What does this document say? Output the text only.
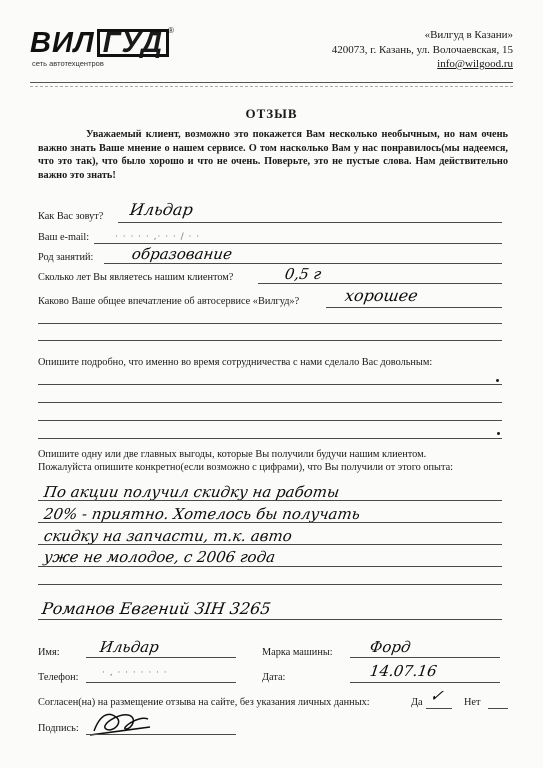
ВИЛ ГУД ®
сеть автотехцентров
«Вилгуд в Казани»
420073, г. Казань, ул. Волочаевская, 15
info@wilgood.ru
ОТЗЫВ
Уважаемый клиент, возможно это покажется Вам несколько необычным, но нам очень важно знать Ваше мнение о нашем сервисе. О том насколько Вам у нас понравилось(мы надеемся, что это так), что было хорошо и что не очень. Поверьте, это не пустые слова. Нам действительно важно это знать!
Как Вас зовут? Ильдар
Ваш e-mail:	· · · · · ,· · · / · ·
Род занятий: образование
Сколько лет Вы являетесь нашим клиентом?	0,5 г
Каково Ваше общее впечатление об автосервисе «Вилгуд»?	хорошее
Опишите подробно, что именно во время сотрудничества с нами сделало Вас довольным:
Опишите одну или две главных выгоды, которые Вы получили будучи нашим клиентом.
Пожалуйста опишите конкретно(если возможно с цифрами), что Вы получили от этого опыта:
По акции получил скидку на работы
20% - приятно. Хотелось бы получать
скидку на запчасти, т.к. авто
уже не молодое, с 2006 года
Романов Евгений ЗІН 3265
Имя:	Ильдар	Марка машины: Форд
Телефон:	· , · · · · · · ·	Дата:	14.07.16
Согласен(на) на размещение отзыва на сайте, без указания личных данных:	Да ✓ Нет
Подпись:
